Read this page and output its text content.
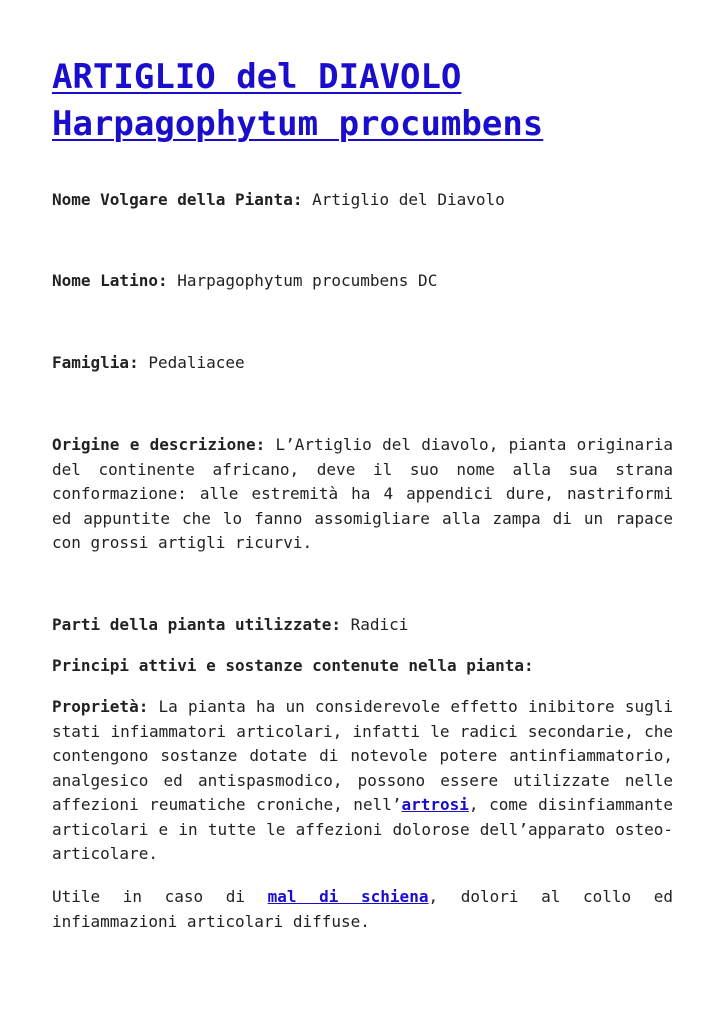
ARTIGLIO del DIAVOLO
Harpagophytum procumbens

Nome Volgare della Pianta: Artiglio del Diavolo

Nome Latino: Harpagophytum procumbens DC

Famiglia: Pedaliacee

Origine e descrizione: L’Artiglio del diavolo, pianta originaria del continente africano, deve il suo nome alla sua strana conformazione: alle estremità ha 4 appendici dure, nastriformi ed appuntite che lo fanno assomigliare alla zampa di un rapace con grossi artigli ricurvi.

Parti della pianta utilizzate: Radici

Principi attivi e sostanze contenute nella pianta:

Proprietà: La pianta ha un considerevole effetto inibitore sugli stati infiammatori articolari, infatti le radici secondarie, che contengono sostanze dotate di notevole potere antinfiammatorio, analgesico ed antispasmodico, possono essere utilizzate nelle affezioni reumatiche croniche, nell’artrosi, come disinfiammante articolari e in tutte le affezioni dolorose dell’apparato osteo-articolare.

Utile in caso di mal di schiena, dolori al collo ed infiammazioni articolari diffuse.
